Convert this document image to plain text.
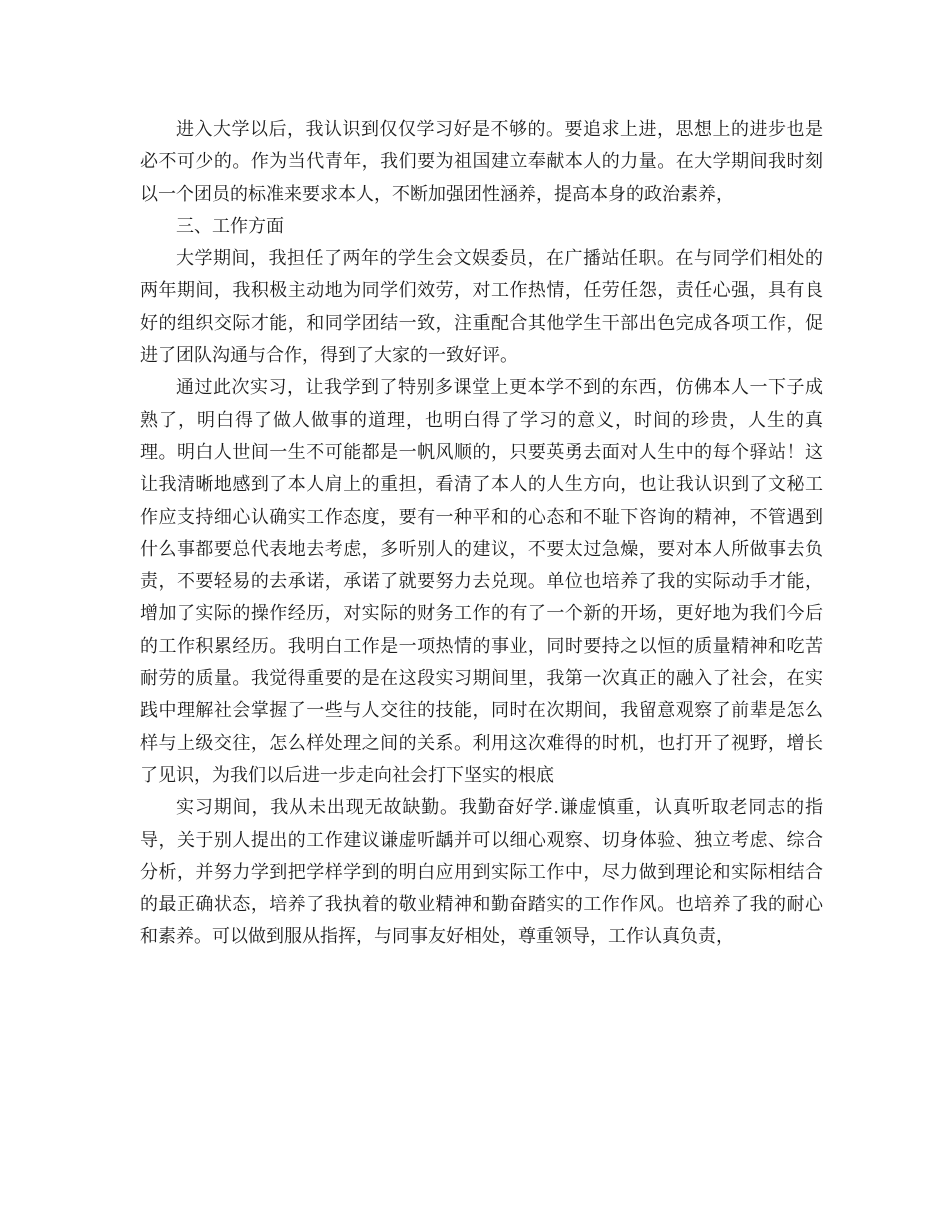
进入大学以后，我认识到仅仅学习好是不够的。要追求上进，思想上的进步也是必不可少的。作为当代青年，我们要为祖国建立奉献本人的力量。在大学期间我时刻以一个团员的标准来要求本人，不断加强团性涵养，提高本身的政治素养，

三、工作方面

大学期间，我担任了两年的学生会文娱委员，在广播站任职。在与同学们相处的两年期间，我积极主动地为同学们效劳，对工作热情，任劳任怨，责任心强，具有良好的组织交际才能，和同学团结一致，注重配合其他学生干部出色完成各项工作，促进了团队沟通与合作，得到了大家的一致好评。

通过此次实习，让我学到了特别多课堂上更本学不到的东西，仿佛本人一下子成熟了，明白得了做人做事的道理，也明白得了学习的意义，时间的珍贵，人生的真理。明白人世间一生不可能都是一帆风顺的，只要英勇去面对人生中的每个驿站！这让我清晰地感到了本人肩上的重担，看清了本人的人生方向，也让我认识到了文秘工作应支持细心认确实工作态度，要有一种平和的心态和不耻下咨询的精神，不管遇到什么事都要总代表地去考虑，多听别人的建议，不要太过急燥，要对本人所做事去负责，不要轻易的去承诺，承诺了就要努力去兑现。单位也培养了我的实际动手才能，增加了实际的操作经历，对实际的财务工作的有了一个新的开场，更好地为我们今后的工作积累经历。我明白工作是一项热情的事业，同时要持之以恒的质量精神和吃苦耐劳的质量。我觉得重要的是在这段实习期间里，我第一次真正的融入了社会，在实践中理解社会掌握了一些与人交往的技能，同时在次期间，我留意观察了前辈是怎么样与上级交往，怎么样处理之间的关系。利用这次难得的时机，也打开了视野，增长了见识，为我们以后进一步走向社会打下坚实的根底

实习期间，我从未出现无故缺勤。我勤奋好学.谦虚慎重，认真听取老同志的指导，关于别人提出的工作建议谦虚听龋并可以细心观察、切身体验、独立考虑、综合分析，并努力学到把学样学到的明白应用到实际工作中，尽力做到理论和实际相结合的最正确状态，培养了我执着的敬业精神和勤奋踏实的工作作风。也培养了我的耐心和素养。可以做到服从指挥，与同事友好相处，尊重领导，工作认真负责，
